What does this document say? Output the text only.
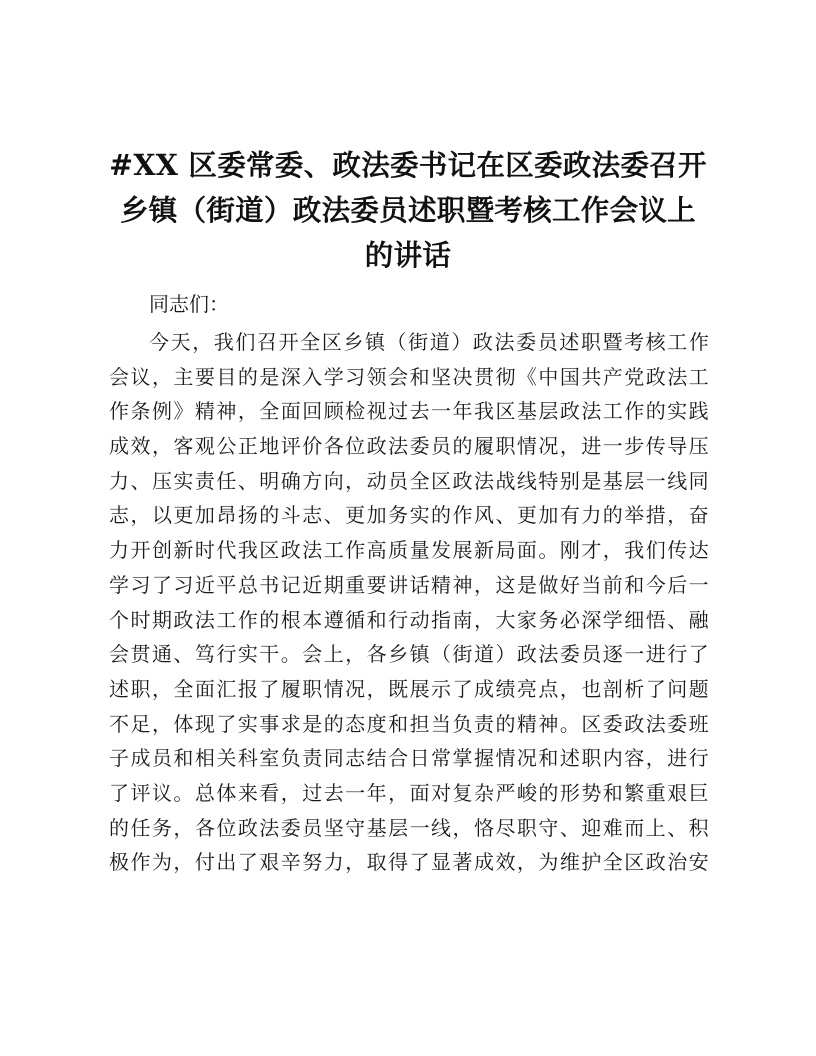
#XX 区委常委、政法委书记在区委政法委召开
乡镇（街道）政法委员述职暨考核工作会议上
的讲话
同志们：
今 天 ， 我 们 召 开 全 区 乡 镇 （ 街 道 ） 政 法 委 员 述 职 暨 考 核 工 作
会 议 ， 主 要 目 的 是 深 入 学 习 领 会 和 坚 决 贯 彻 《 中 国 共 产 党 政 法 工
作 条 例 》 精 神 ， 全 面 回 顾 检 视 过 去 一 年 我 区 基 层 政 法 工 作 的 实 践
成 效 ， 客 观 公 正 地 评 价 各 位 政 法 委 员 的 履 职 情 况 ， 进 一 步 传 导 压
力 、 压 实 责 任 、 明 确 方 向 ， 动 员 全 区 政 法 战 线 特 别 是 基 层 一 线 同
志 ， 以 更 加 昂 扬 的 斗 志 、 更 加 务 实 的 作 风 、 更 加 有 力 的 举 措 ， 奋
力 开 创 新 时 代 我 区 政 法 工 作 高 质 量 发 展 新 局 面 。 刚 才 ， 我 们 传 达
学 习 了 习 近 平 总 书 记 近 期 重 要 讲 话 精 神 ， 这 是 做 好 当 前 和 今 后 一
个 时 期 政 法 工 作 的 根 本 遵 循 和 行 动 指 南 ， 大 家 务 必 深 学 细 悟 、 融
会 贯 通 、 笃 行 实 干 。 会 上 ， 各 乡 镇 （ 街 道 ） 政 法 委 员 逐 一 进 行 了
述 职 ， 全 面 汇 报 了 履 职 情 况 ， 既 展 示 了 成 绩 亮 点 ， 也 剖 析 了 问 题
不 足 ， 体 现 了 实 事 求 是 的 态 度 和 担 当 负 责 的 精 神 。 区 委 政 法 委 班
子 成 员 和 相 关 科 室 负 责 同 志 结 合 日 常 掌 握 情 况 和 述 职 内 容 ， 进 行
了 评 议 。 总 体 来 看 ， 过 去 一 年 ， 面 对 复 杂 严 峻 的 形 势 和 繁 重 艰 巨
的 任 务 ， 各 位 政 法 委 员 坚 守 基 层 一 线 ， 恪 尽 职 守 、 迎 难 而 上 、 积
极 作 为 ， 付 出 了 艰 辛 努 力 ， 取 得 了 显 著 成 效 ， 为 维 护 全 区 政 治 安
